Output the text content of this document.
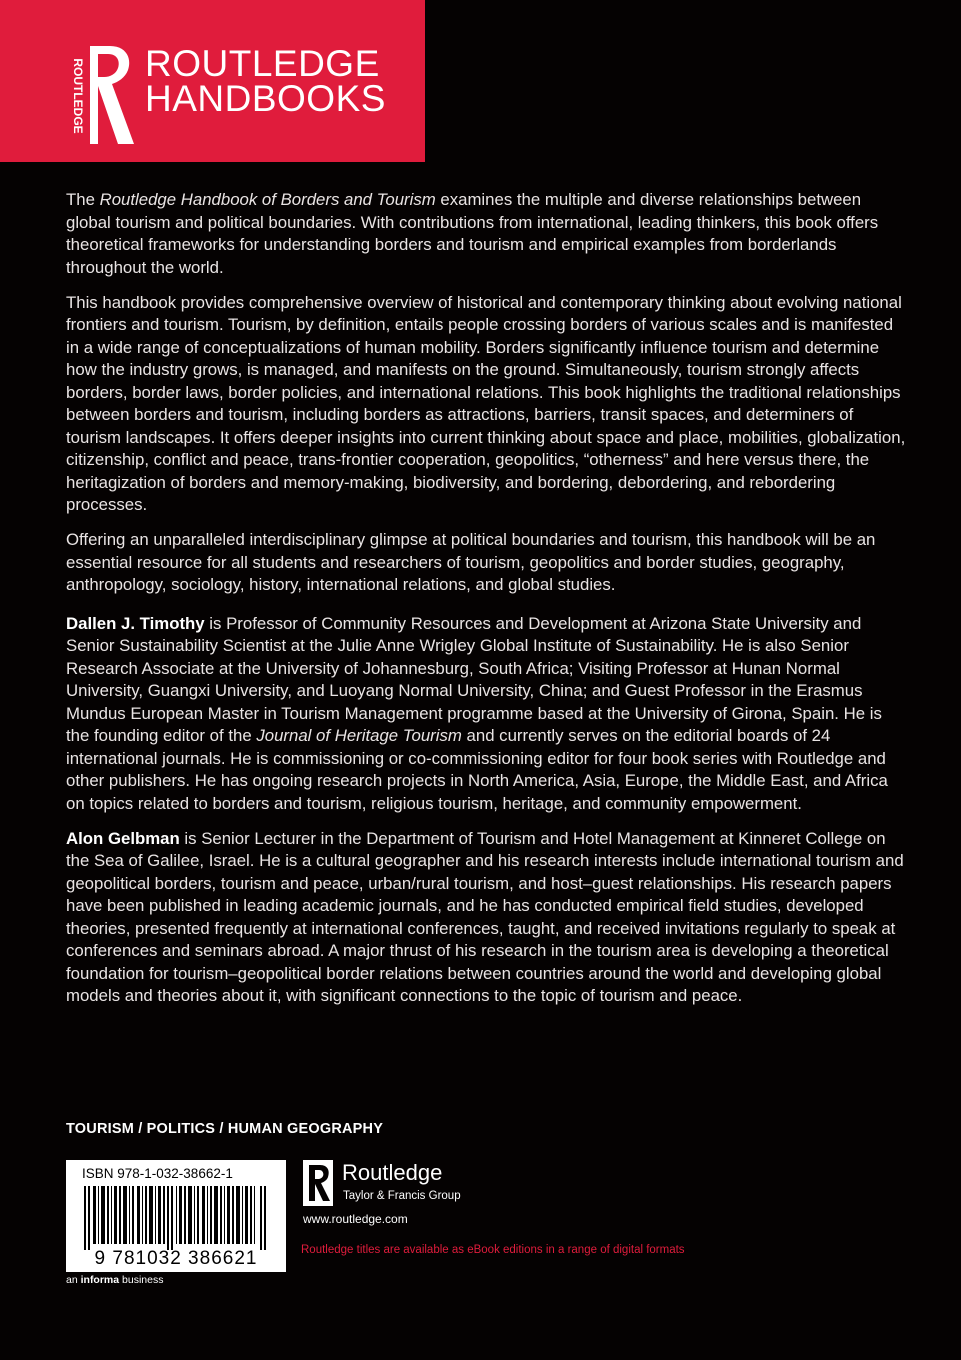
ROUTLEDGE ROUTLEDGE
HANDBOOKS

The Routledge Handbook of Borders and Tourism examines the multiple and diverse relationships between global tourism and political boundaries. With contributions from international, leading thinkers, this book offers theoretical frameworks for understanding borders and tourism and empirical examples from borderlands throughout the world.

This handbook provides comprehensive overview of historical and contemporary thinking about evolving national frontiers and tourism. Tourism, by definition, entails people crossing borders of various scales and is manifested in a wide range of conceptualizations of human mobility. Borders significantly influence tourism and determine how the industry grows, is managed, and manifests on the ground. Simultaneously, tourism strongly affects borders, border laws, border policies, and international relations. This book highlights the traditional relationships between borders and tourism, including borders as attractions, barriers, transit spaces, and determiners of tourism landscapes. It offers deeper insights into current thinking about space and place, mobilities, globalization, citizenship, conflict and peace, trans-frontier cooperation, geopolitics, “otherness” and here versus there, the heritagization of borders and memory-making, biodiversity, and bordering, debordering, and rebordering processes.

Offering an unparalleled interdisciplinary glimpse at political boundaries and tourism, this handbook will be an essential resource for all students and researchers of tourism, geopolitics and border studies, geography, anthropology, sociology, history, international relations, and global studies.

Dallen J. Timothy is Professor of Community Resources and Development at Arizona State University and Senior Sustainability Scientist at the Julie Anne Wrigley Global Institute of Sustainability. He is also Senior Research Associate at the University of Johannesburg, South Africa; Visiting Professor at Hunan Normal University, Guangxi University, and Luoyang Normal University, China; and Guest Professor in the Erasmus Mundus European Master in Tourism Management programme based at the University of Girona, Spain. He is the founding editor of the Journal of Heritage Tourism and currently serves on the editorial boards of 24 international journals. He is commissioning or co-commissioning editor for four book series with Routledge and other publishers. He has ongoing research projects in North America, Asia, Europe, the Middle East, and Africa on topics related to borders and tourism, religious tourism, heritage, and community empowerment.

Alon Gelbman is Senior Lecturer in the Department of Tourism and Hotel Management at Kinneret College on the Sea of Galilee, Israel. He is a cultural geographer and his research interests include international tourism and geopolitical borders, tourism and peace, urban/rural tourism, and host–guest relationships. His research papers have been published in leading academic journals, and he has conducted empirical field studies, developed theories, presented frequently at international conferences, taught, and received invitations regularly to speak at conferences and seminars abroad. A major thrust of his research in the tourism area is developing a theoretical foundation for tourism–geopolitical border relations between countries around the world and developing global models and theories about it, with significant connections to the topic of tourism and peace.

TOURISM / POLITICS / HUMAN GEOGRAPHY
ISBN 978-1-032-38662-1
9 781032 386621
an informa business
Routledge
Taylor & Francis Group
www.routledge.com
Routledge titles are available as eBook editions in a range of digital formats
